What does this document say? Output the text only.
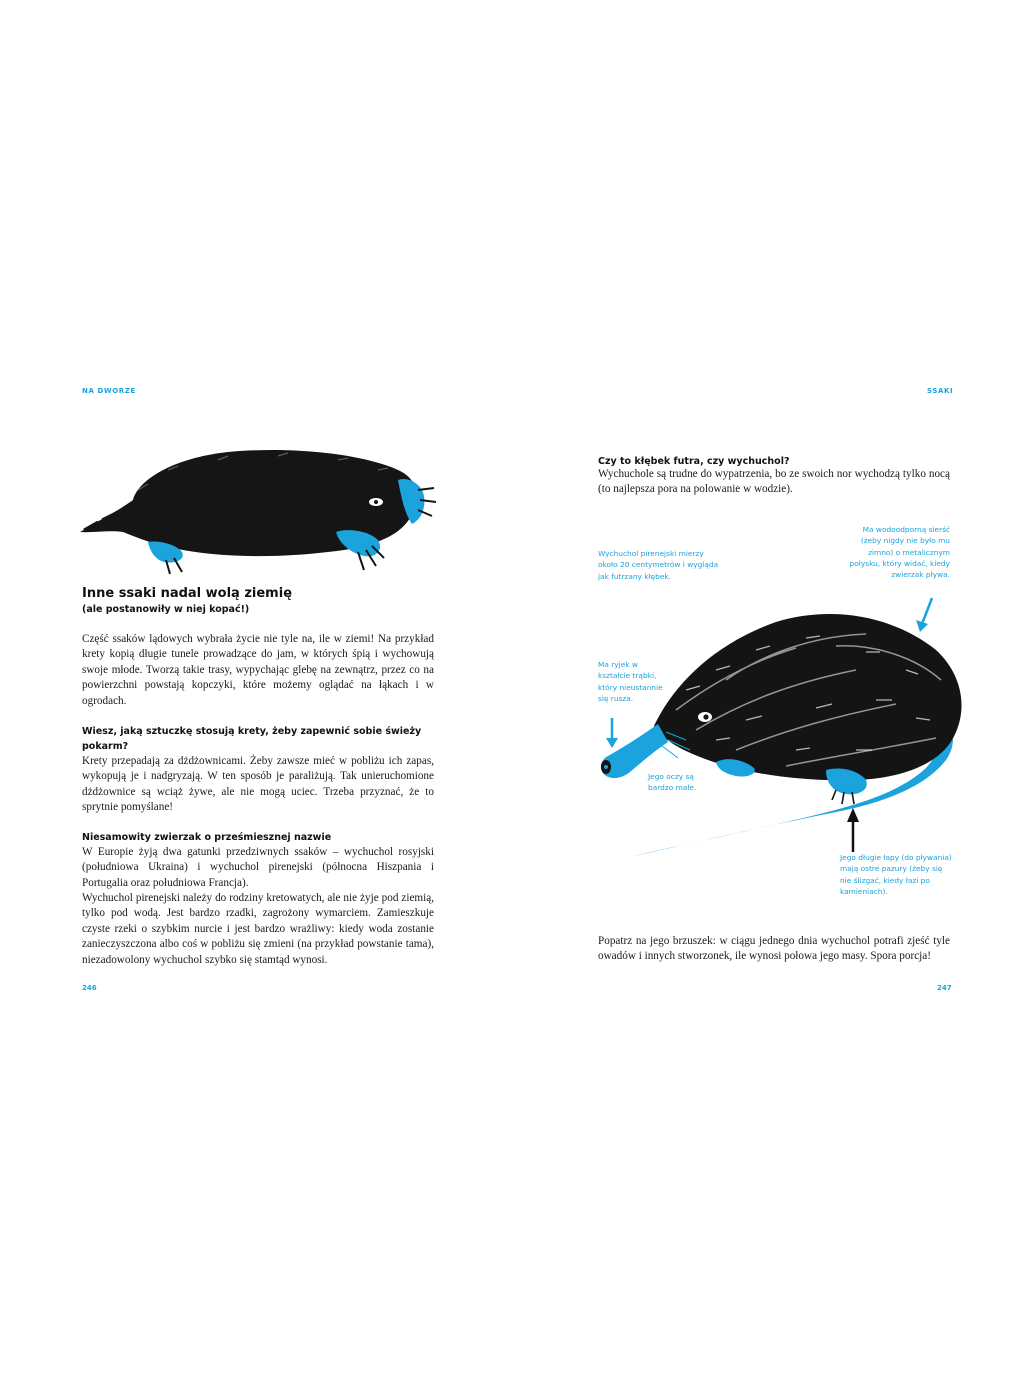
NA DWORZE
Inne ssaki nadal wolą ziemię
(ale postanowiły w niej kopać!)
Część ssaków lądowych wybrała życie nie tyle na, ile w ziemi! Na przykład krety kopią długie tunele prowadzące do jam, w których śpią i wychowują swoje młode. Tworzą takie trasy, wypychając glebę na zewnątrz, przez co na powierzchni powstają kopczyki, które możemy oglądać na łąkach i w ogrodach.
Wiesz, jaką sztuczkę stosują krety, żeby zapewnić sobie świeży pokarm?
Krety przepadają za dżdżownicami. Żeby zawsze mieć w pobliżu ich zapas, wykopują je i nadgryzają. W ten sposób je paraliżują. Tak unieruchomione dżdżownice są wciąż żywe, ale nie mogą uciec. Trzeba przyznać, że to sprytnie pomyślane!
Niesamowity zwierzak o prześmiesznej nazwie
W Europie żyją dwa gatunki przedziwnych ssaków – wychuchol rosyjski (południowa Ukraina) i wychuchol pirenejski (północna Hiszpania i Portugalia oraz południowa Francja).
Wychuchol pirenejski należy do rodziny kretowatych, ale nie żyje pod ziemią, tylko pod wodą. Jest bardzo rzadki, zagrożony wymarciem. Zamieszkuje czyste rzeki o szybkim nurcie i jest bardzo wrażliwy: kiedy woda zostanie zanieczyszczona albo coś w pobliżu się zmieni (na przykład powstanie tama), niezadowolony wychuchol szybko się stamtąd wynosi.
246
SSAKI
Czy to kłębek futra, czy wychuchol?
Wychuchole są trudne do wypatrzenia, bo ze swoich nor wychodzą tylko nocą (to najlepsza pora na polowanie w wodzie).
Wychuchol pirenejski mierzy około 20 centymetrów i wygląda jak futrzany kłębek.
Ma wodoodporną sierść (żeby nigdy nie było mu zimno) o metalicznym połysku, który widać, kiedy zwierzak pływa.
Ma ryjek w kształcie trąbki, który nieustannie się rusza.
Jego oczy są bardzo małe.
Jego długie łapy (do pływania) mają ostre pazury (żeby się nie ślizgać, kiedy łazi po kamieniach).
Popatrz na jego brzuszek: w ciągu jednego dnia wychuchol potrafi zjeść tyle owadów i innych stworzonek, ile wynosi połowa jego masy. Spora porcja!
247
